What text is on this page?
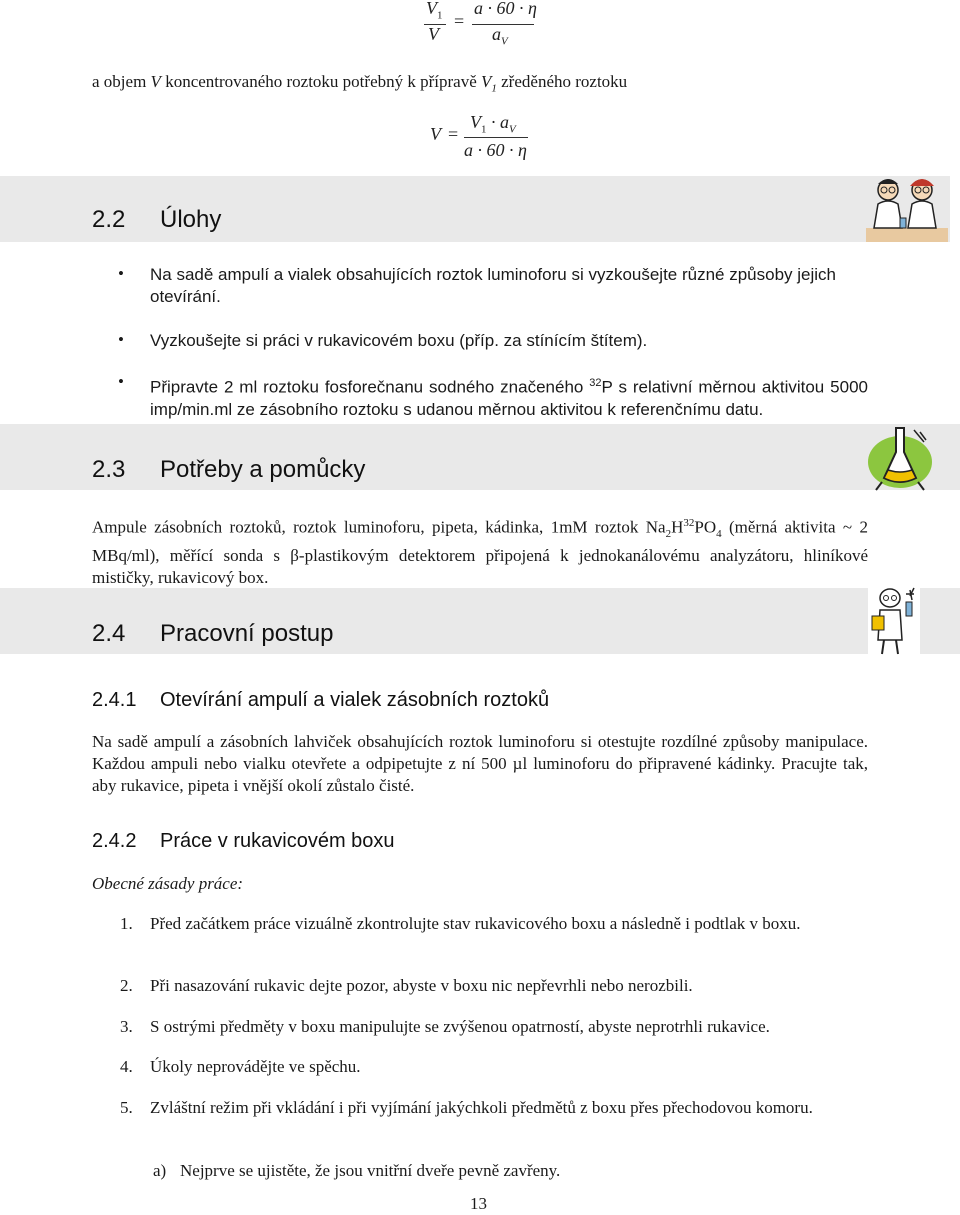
$V_1$
V
=
a · 60 · η
$a_V$
a objem V koncentrovaného roztoku potřebný k přípravě $V_1$ zředěného roztoku
V =
$V_1 \cdot a_V$
a · 60 · η
2.2 Úlohy
• Na sadě ampulí a vialek obsahujících roztok luminoforu si vyzkoušejte různé způsoby jejich otevírání.
• Vyzkoušejte si práci v rukavicovém boxu (příp. za stínícím štítem).
• Připravte 2 ml roztoku fosforečnanu sodného značeného $^{32}$P s relativní měrnou aktivitou 5000 imp/min.ml ze zásobního roztoku s udanou měrnou aktivitou k referenčnímu datu.
2.3 Potřeby a pomůcky
Ampule zásobních roztoků, roztok luminoforu, pipeta, kádinka, 1mM roztok $Na_2H^{32}PO_4$ (měrná aktivita ~ 2 MBq/ml), měřící sonda s β-plastikovým detektorem připojená k jednokanálovému analyzátoru, hliníkové mističky, rukavicový box.
2.4 Pracovní postup
2.4.1 Otevírání ampulí a vialek zásobních roztoků
Na sadě ampulí a zásobních lahviček obsahujících roztok luminoforu si otestujte rozdílné způsoby manipulace. Každou ampuli nebo vialku otevřete a odpipetujte z ní 500 µl luminoforu do připravené kádinky. Pracujte tak, aby rukavice, pipeta i vnější okolí zůstalo čisté.
2.4.2 Práce v rukavicovém boxu
Obecné zásady práce:
1. Před začátkem práce vizuálně zkontrolujte stav rukavicového boxu a následně i podtlak v boxu.
2. Při nasazování rukavic dejte pozor, abyste v boxu nic nepřevrhli nebo nerozbili.
3. S ostrými předměty v boxu manipulujte se zvýšenou opatrností, abyste neprotrhli rukavice.
4. Úkoly neprovádějte ve spěchu.
5. Zvláštní režim při vkládání i při vyjímání jakýchkoli předmětů z boxu přes přechodovou komoru.
a) Nejprve se ujistěte, že jsou vnitřní dveře pevně zavřeny.
13
